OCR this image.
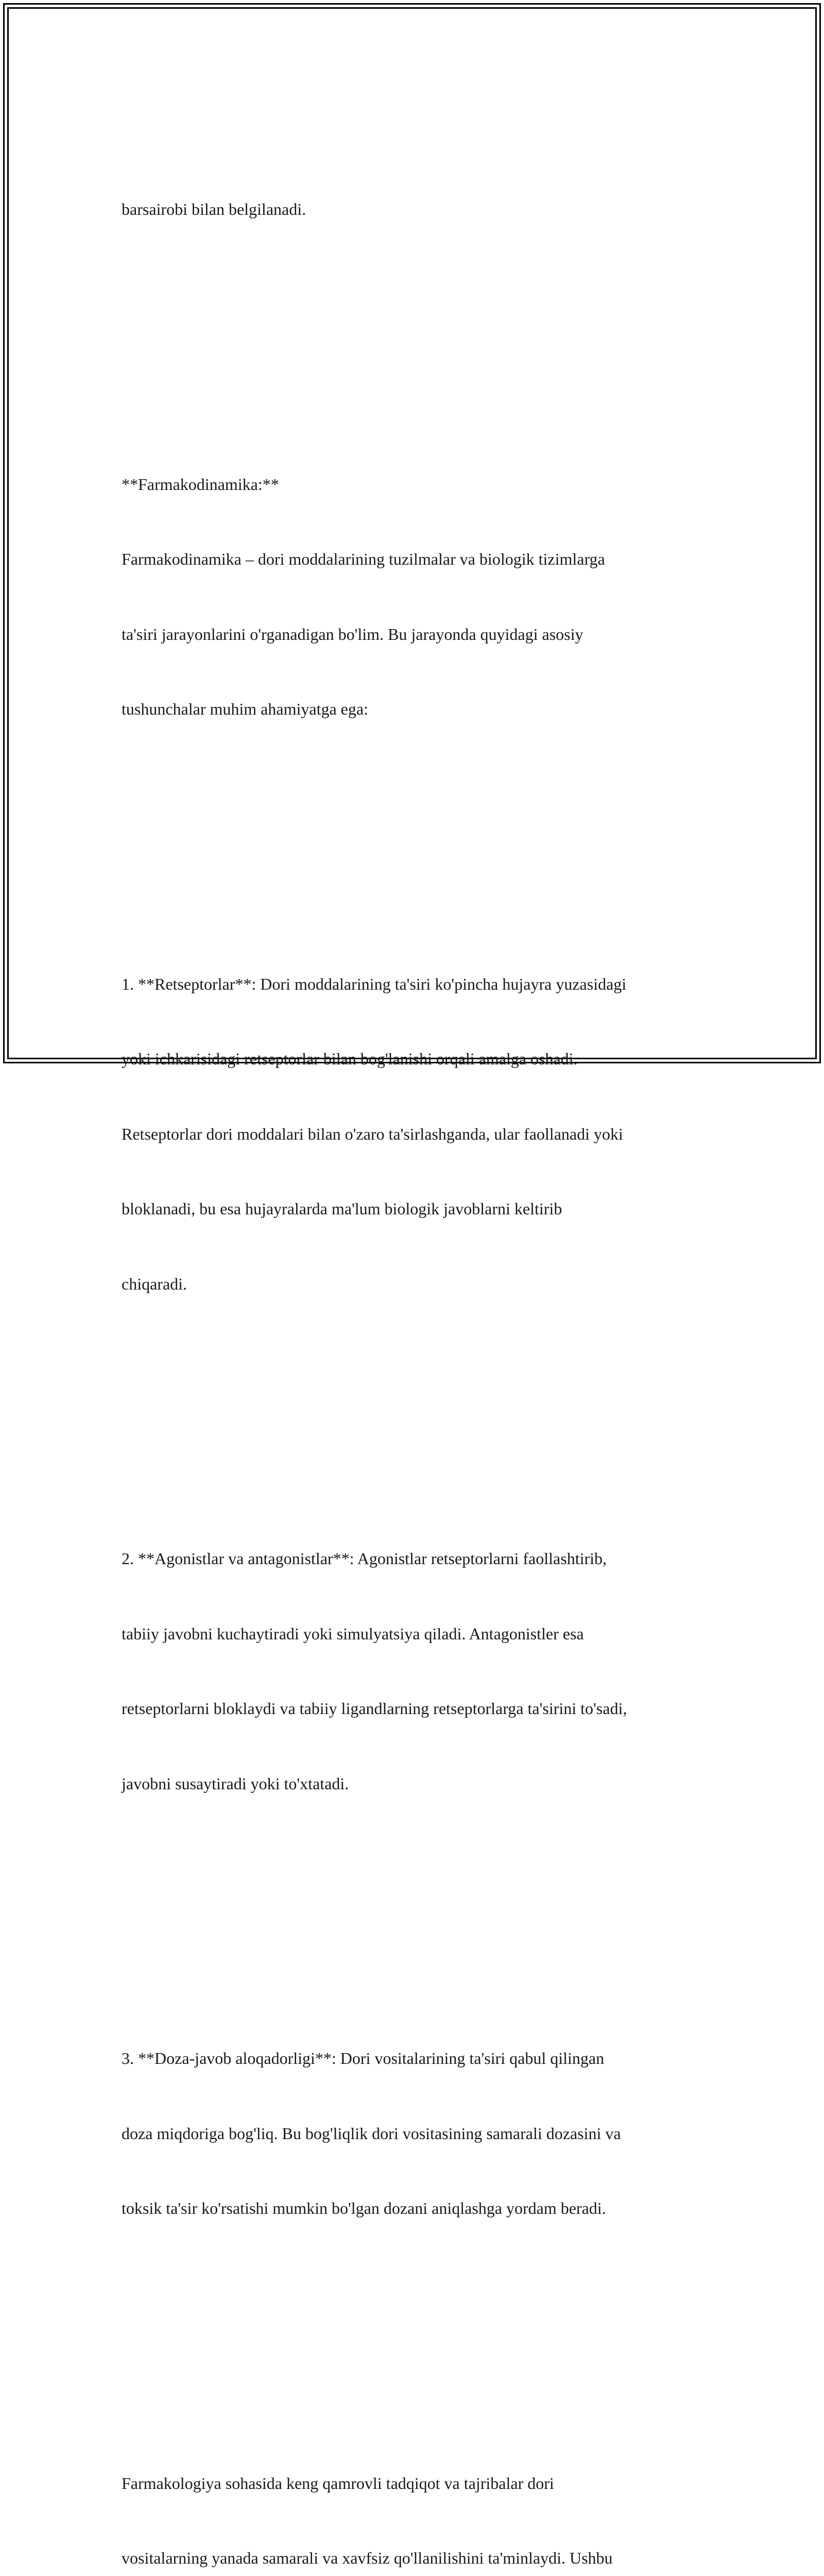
barsairobi bilan belgilanadi.

**Farmakodinamika:**

Farmakodinamika – dori moddalarining tuzilmalar va biologik tizimlarga

ta'siri jarayonlarini o'rganadigan bo'lim. Bu jarayonda quyidagi asosiy

tushunchalar muhim ahamiyatga ega:

1. **Retseptorlar**: Dori moddalarining ta'siri ko'pincha hujayra yuzasidagi

yoki ichkarisidagi retseptorlar bilan bog'lanishi orqali amalga oshadi.

Retseptorlar dori moddalari bilan o'zaro ta'sirlashganda, ular faollanadi yoki

bloklanadi, bu esa hujayralarda ma'lum biologik javoblarni keltirib

chiqaradi.

2. **Agonistlar va antagonistlar**: Agonistlar retseptorlarni faollashtirib,

tabiiy javobni kuchaytiradi yoki simulyatsiya qiladi. Antagonistler esa

retseptorlarni bloklaydi va tabiiy ligandlarning retseptorlarga ta'sirini to'sadi,

javobni susaytiradi yoki to'xtatadi.

3. **Doza-javob aloqadorligi**: Dori vositalarining ta'siri qabul qilingan

doza miqdoriga bog'liq. Bu bog'liqlik dori vositasining samarali dozasini va

toksik ta'sir ko'rsatishi mumkin bo'lgan dozani aniqlashga yordam beradi.

Farmakologiya sohasida keng qamrovli tadqiqot va tajribalar dori

vositalarning yanada samarali va xavfsiz qo'llanilishini ta'minlaydi. Ushbu
